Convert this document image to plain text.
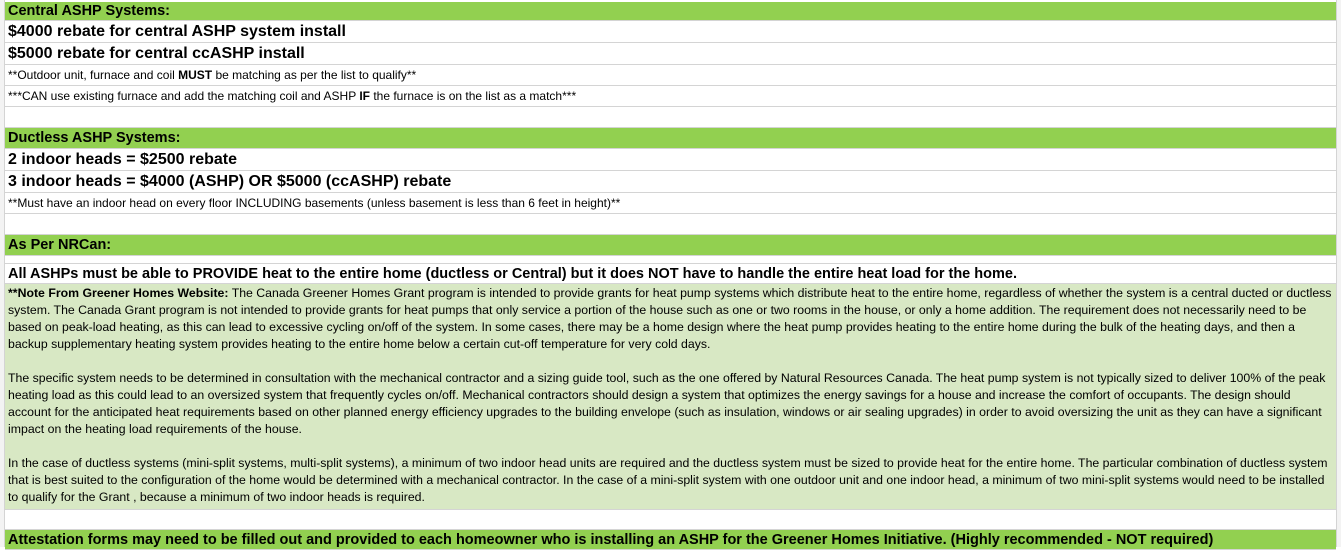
Central ASHP Systems:
$4000 rebate for central ASHP system install
$5000 rebate for central ccASHP install
**Outdoor unit, furnace and coil MUST be matching as per the list to qualify**
***CAN use existing furnace and add the matching coil and ASHP IF the furnace is on the list as a match***
Ductless ASHP Systems:
2 indoor heads = $2500 rebate
3 indoor heads = $4000 (ASHP) OR $5000 (ccASHP) rebate
**Must have an indoor head on every floor INCLUDING basements (unless basement is less than 6 feet in height)**
As Per NRCan:
All ASHPs must be able to PROVIDE heat to the entire home (ductless or Central) but it does NOT have to handle the entire heat load for the home.

**Note From Greener Homes Website: The Canada Greener Homes Grant program is intended to provide grants for heat pump systems which distribute heat to the entire home, regardless of whether the system is a central ducted or ductless system. The Canada Grant program is not intended to provide grants for heat pumps that only service a portion of the house such as one or two rooms in the house, or only a home addition. The requirement does not necessarily need to be based on peak-load heating, as this can lead to excessive cycling on/off of the system. In some cases, there may be a home design where the heat pump provides heating to the entire home during the bulk of the heating days, and then a backup supplementary heating system provides heating to the entire home below a certain cut-off temperature for very cold days.

The specific system needs to be determined in consultation with the mechanical contractor and a sizing guide tool, such as the one offered by Natural Resources Canada. The heat pump system is not typically sized to deliver 100% of the peak heating load as this could lead to an oversized system that frequently cycles on/off. Mechanical contractors should design a system that optimizes the energy savings for a house and increase the comfort of occupants. The design should account for the anticipated heat requirements based on other planned energy efficiency upgrades to the building envelope (such as insulation, windows or air sealing upgrades) in order to avoid oversizing the unit as they can have a significant impact on the heating load requirements of the house.

In the case of ductless systems (mini-split systems, multi-split systems), a minimum of two indoor head units are required and the ductless system must be sized to provide heat for the entire home. The particular combination of ductless system that is best suited to the configuration of the home would be determined with a mechanical contractor. In the case of a mini-split system with one outdoor unit and one indoor head, a minimum of two mini-split systems would need to be installed to qualify for the Grant , because a minimum of two indoor heads is required.

Attestation forms may need to be filled out and provided to each homeowner who is installing an ASHP for the Greener Homes Initiative. (Highly recommended - NOT required)
